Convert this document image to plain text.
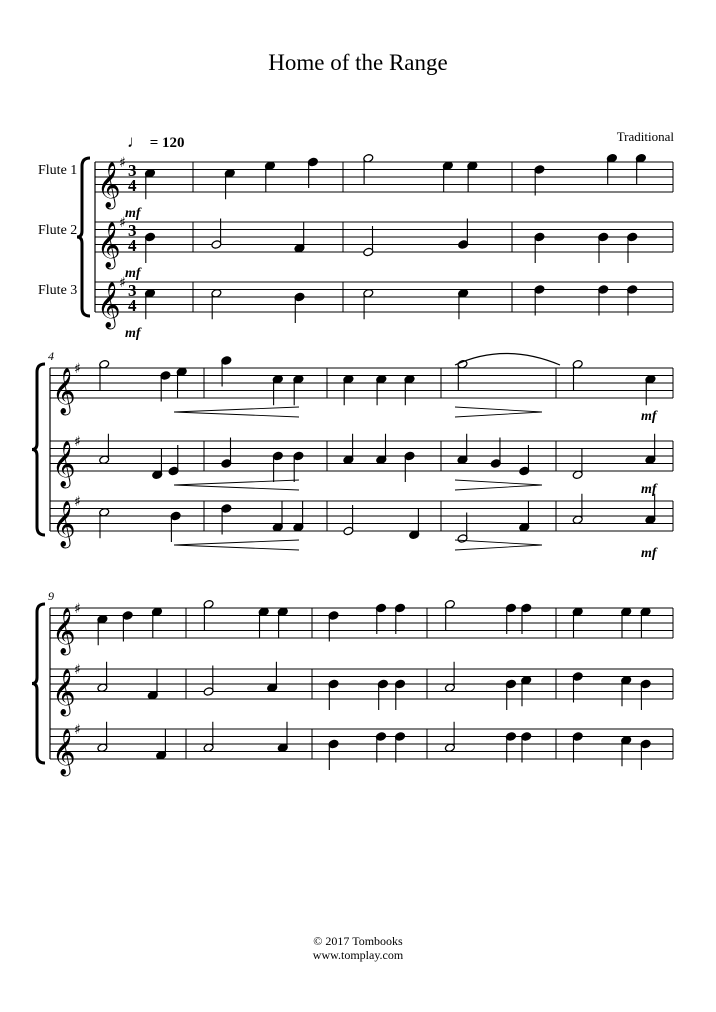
Home of the Range
Traditional
♩ = 120
Flute 1
Flute 2
Flute 3
𝄞
♯ 3
4
mf
𝄞
♯ 3
4
mf
𝄞
♯ 3
4
mf
4
𝄞
♯
mf
𝄞
♯
mf
𝄞
♯
mf
9
𝄞
♯
𝄞
♯
𝄞
♯
© 2017 Tombooks
www.tomplay.com
